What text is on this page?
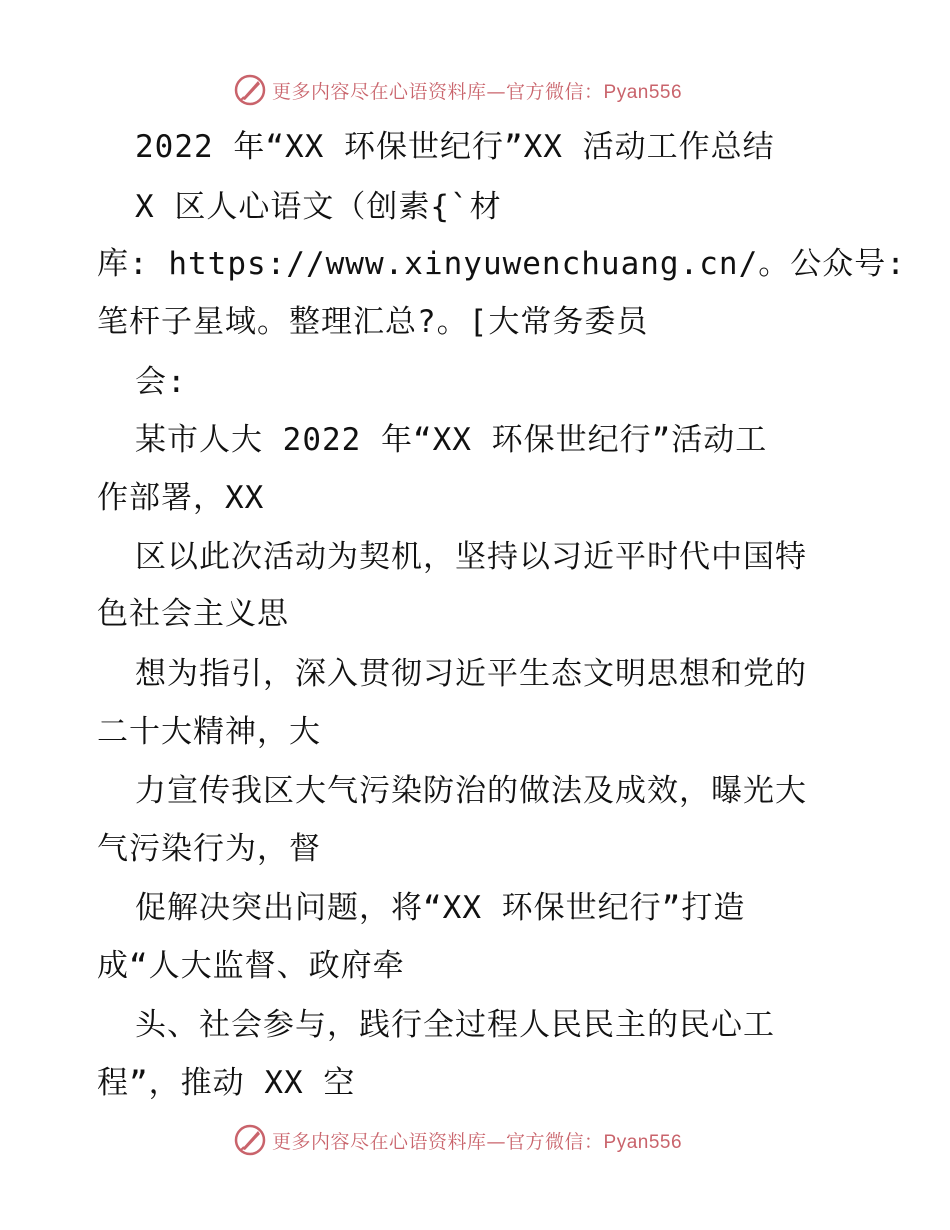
更多内容尽在心语资料库—官方微信：Pyan556
2022 年“XX 环保世纪行”XX 活动工作总结
X 区人心语文（创素{`材
库: https://www.xinyuwenchuang.cn/。公众号:
笔杆子星域。整理汇总?。[大常务委员
会:
某市人大 2022 年“XX 环保世纪行”活动工
作部署，XX
区以此次活动为契机，坚持以习近平时代中国特
色社会主义思
想为指引，深入贯彻习近平生态文明思想和党的
二十大精神，大
力宣传我区大气污染防治的做法及成效，曝光大
气污染行为，督
促解决突出问题，将“XX 环保世纪行”打造
成“人大监督、政府牵
头、社会参与，践行全过程人民民主的民心工
程”，推动 XX 空
更多内容尽在心语资料库—官方微信：Pyan556
